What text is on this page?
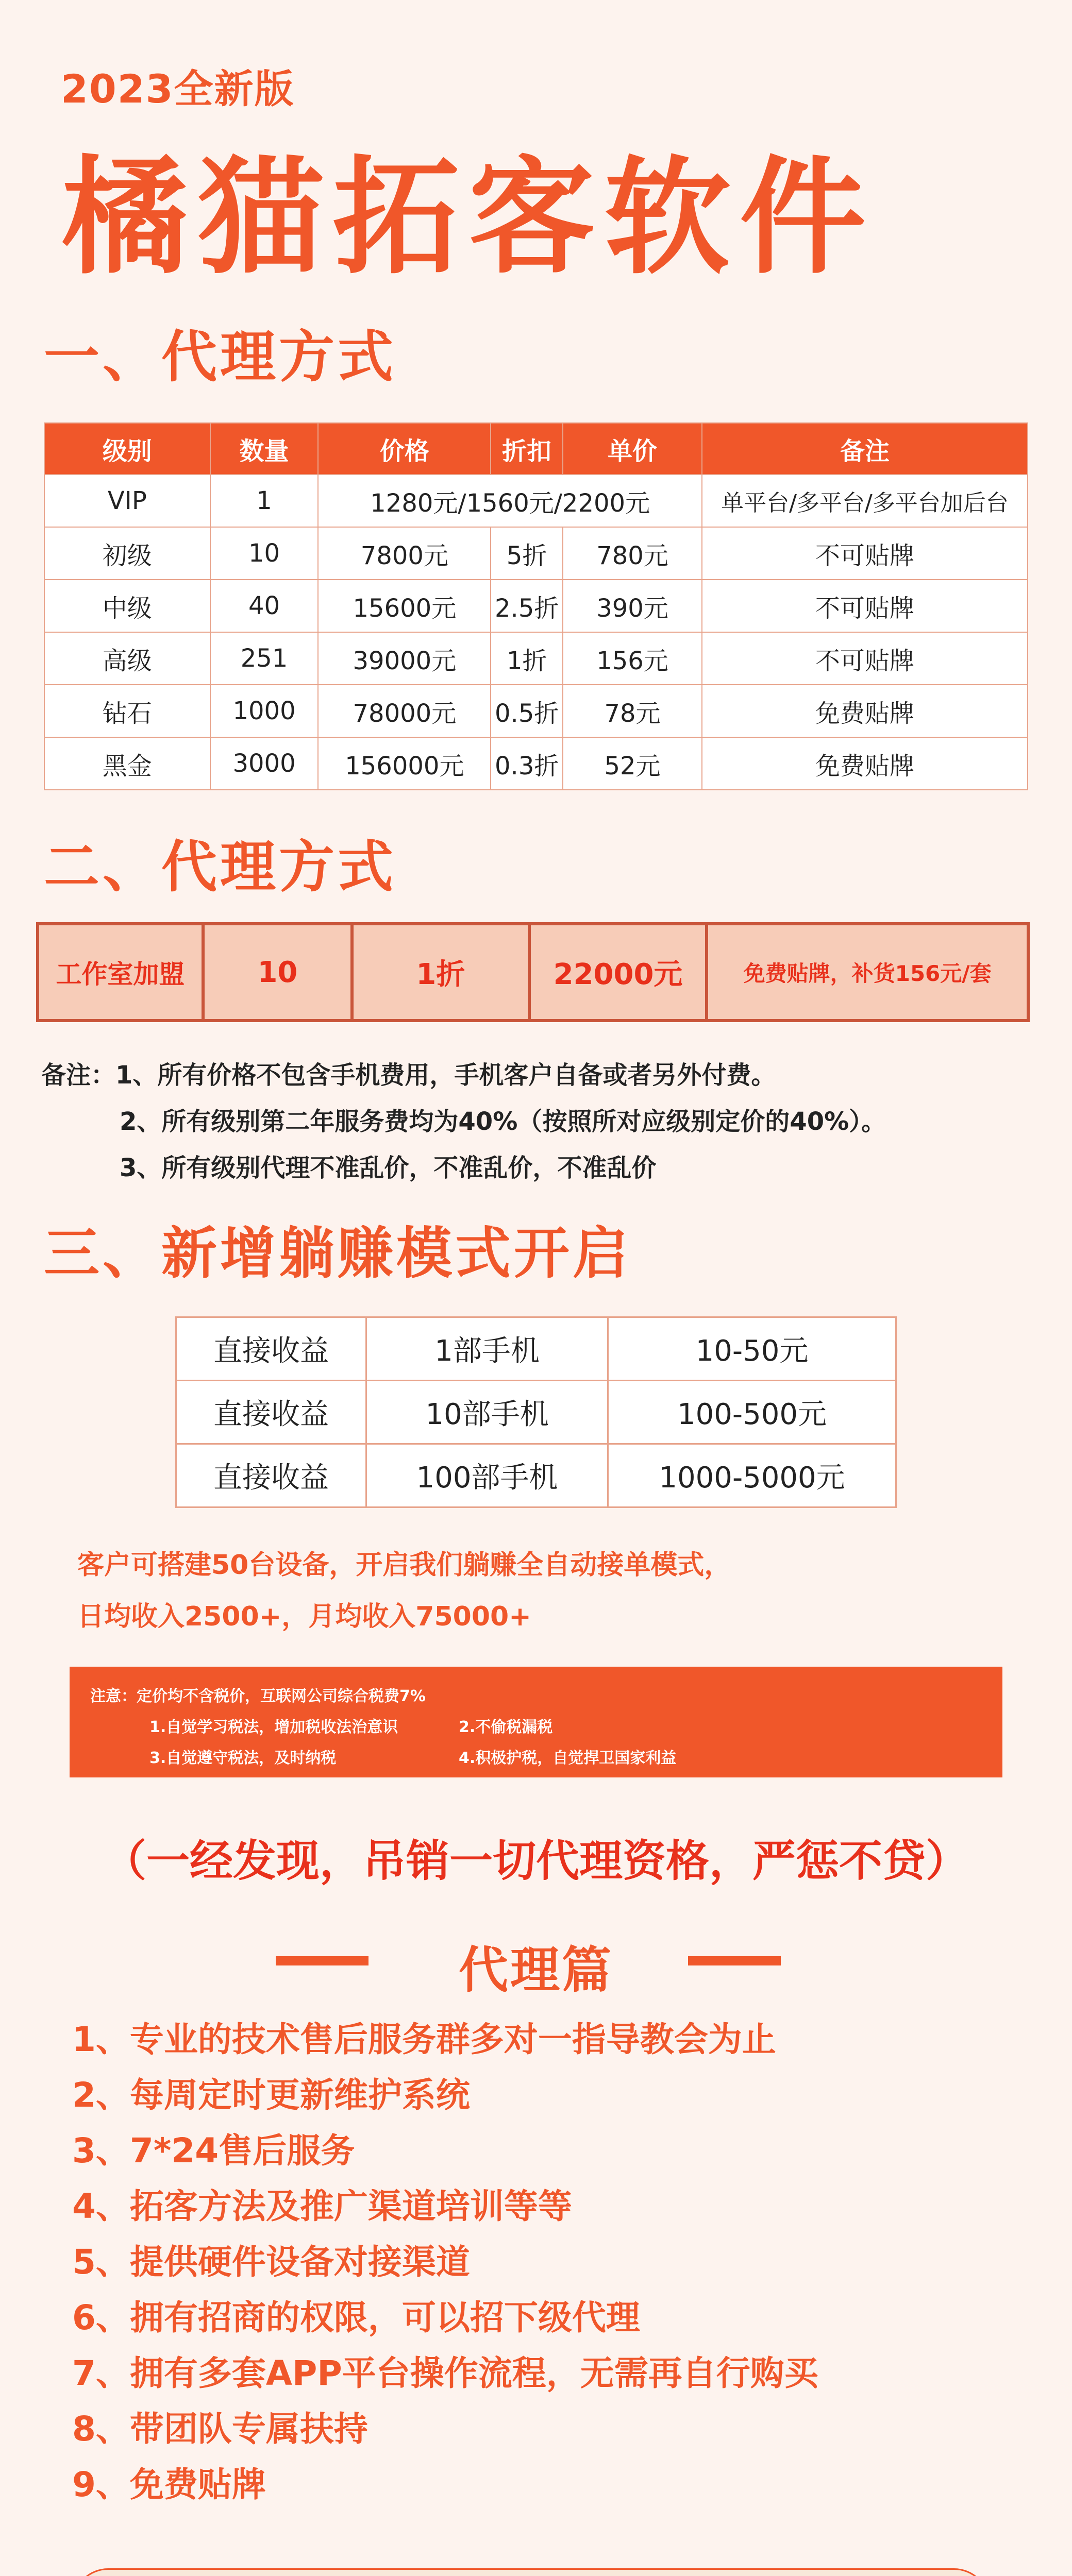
2023全新版
橘猫拓客软件
一、代理方式
级别	数量	价格	折扣	单价	备注
VIP	1	1280元/1560元/2200元			单平台/多平台/多平台加后台
初级	10	7800元	5折	780元	不可贴牌
中级	40	15600元	2.5折	390元	不可贴牌
高级	251	39000元	1折	156元	不可贴牌
钻石	1000	78000元	0.5折	78元	免费贴牌
黑金	3000	156000元	0.3折	52元	免费贴牌
二、代理方式
工作室加盟	10	1折	22000元	免费贴牌，补货156元/套
备注：1、所有价格不包含手机费用，手机客户自备或者另外付费。
2、所有级别第二年服务费均为40%（按照所对应级别定价的40%）。
3、所有级别代理不准乱价，不准乱价，不准乱价
三、新增躺赚模式开启
直接收益	1部手机	10-50元
直接收益	10部手机	100-500元
直接收益	100部手机	1000-5000元
客户可搭建50台设备，开启我们躺赚全自动接单模式，
日均收入2500+，月均收入75000+
注意：定价均不含税价，互联网公司综合税费7%
1.自觉学习税法，增加税收法治意识	2.不偷税漏税
3.自觉遵守税法，及时纳税	4.积极护税，自觉捍卫国家利益
（一经发现，吊销一切代理资格，严惩不贷）
代理篇
1、专业的技术售后服务群多对一指导教会为止
2、每周定时更新维护系统
3、7*24售后服务
4、拓客方法及推广渠道培训等等
5、提供硬件设备对接渠道
6、拥有招商的权限，可以招下级代理
7、拥有多套APP平台操作流程，无需再自行购买
8、带团队专属扶持
9、免费贴牌
